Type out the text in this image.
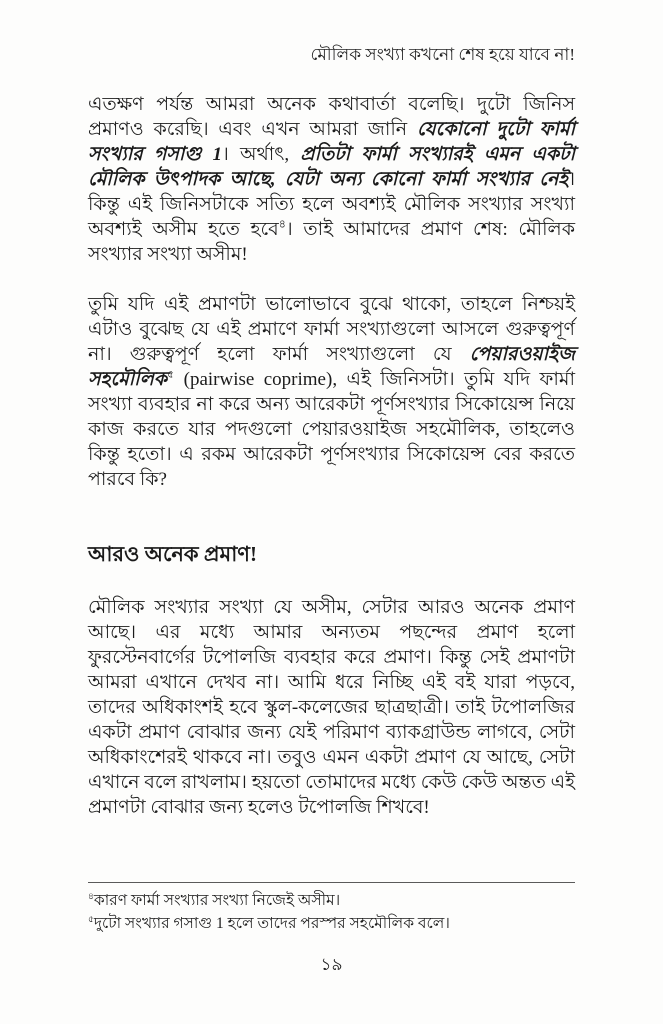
মৌলিক সংখ্যা কখনো শেষ হয়ে যাবে না!

এতক্ষণ পর্যন্ত আমরা অনেক কথাবার্তা বলেছি। দুটো জিনিস প্রমাণও করেছি। এবং এখন আমরা জানি যেকোনো দুটো ফার্মা সংখ্যার গসাগু 1। অর্থাৎ, প্রতিটা ফার্মা সংখ্যারই এমন একটা মৌলিক উৎপাদক আছে, যেটা অন্য কোনো ফার্মা সংখ্যার নেই। কিন্তু এই জিনিসটাকে সত্যি হলে অবশ্যই মৌলিক সংখ্যার সংখ্যা অবশ্যই অসীম হতে হবে$^৪$। তাই আমাদের প্রমাণ শেষ: মৌলিক সংখ্যার সংখ্যা অসীম!

তুমি যদি এই প্রমাণটা ভালোভাবে বুঝে থাকো, তাহলে নিশ্চয়ই এটাও বুঝেছ যে এই প্রমাণে ফার্মা সংখ্যাগুলো আসলে গুরুত্বপূর্ণ না। গুরুত্বপূর্ণ হলো ফার্মা সংখ্যাগুলো যে পেয়ারওয়াইজ সহমৌলিক$^৫$ (pairwise coprime), এই জিনিসটা। তুমি যদি ফার্মা সংখ্যা ব্যবহার না করে অন্য আরেকটা পূর্ণসংখ্যার সিকোয়েন্স নিয়ে কাজ করতে যার পদগুলো পেয়ারওয়াইজ সহমৌলিক, তাহলেও কিন্তু হতো। এ রকম আরেকটা পূর্ণসংখ্যার সিকোয়েন্স বের করতে পারবে কি?

আরও অনেক প্রমাণ!

মৌলিক সংখ্যার সংখ্যা যে অসীম, সেটার আরও অনেক প্রমাণ আছে। এর মধ্যে আমার অন্যতম পছন্দের প্রমাণ হলো ফুরস্টেনবার্গের টপোলজি ব্যবহার করে প্রমাণ। কিন্তু সেই প্রমাণটা আমরা এখানে দেখব না। আমি ধরে নিচ্ছি এই বই যারা পড়বে, তাদের অধিকাংশই হবে স্কুল-কলেজের ছাত্রছাত্রী। তাই টপোলজির একটা প্রমাণ বোঝার জন্য যেই পরিমাণ ব্যাকগ্রাউন্ড লাগবে, সেটা অধিকাংশেরই থাকবে না। তবুও এমন একটা প্রমাণ যে আছে, সেটা এখানে বলে রাখলাম। হয়তো তোমাদের মধ্যে কেউ কেউ অন্তত এই প্রমাণটা বোঝার জন্য হলেও টপোলজি শিখবে!

$^৪$কারণ ফার্মা সংখ্যার সংখ্যা নিজেই অসীম।

$^৫$দুটো সংখ্যার গসাগু 1 হলে তাদের পরস্পর সহমৌলিক বলে।

১৯
